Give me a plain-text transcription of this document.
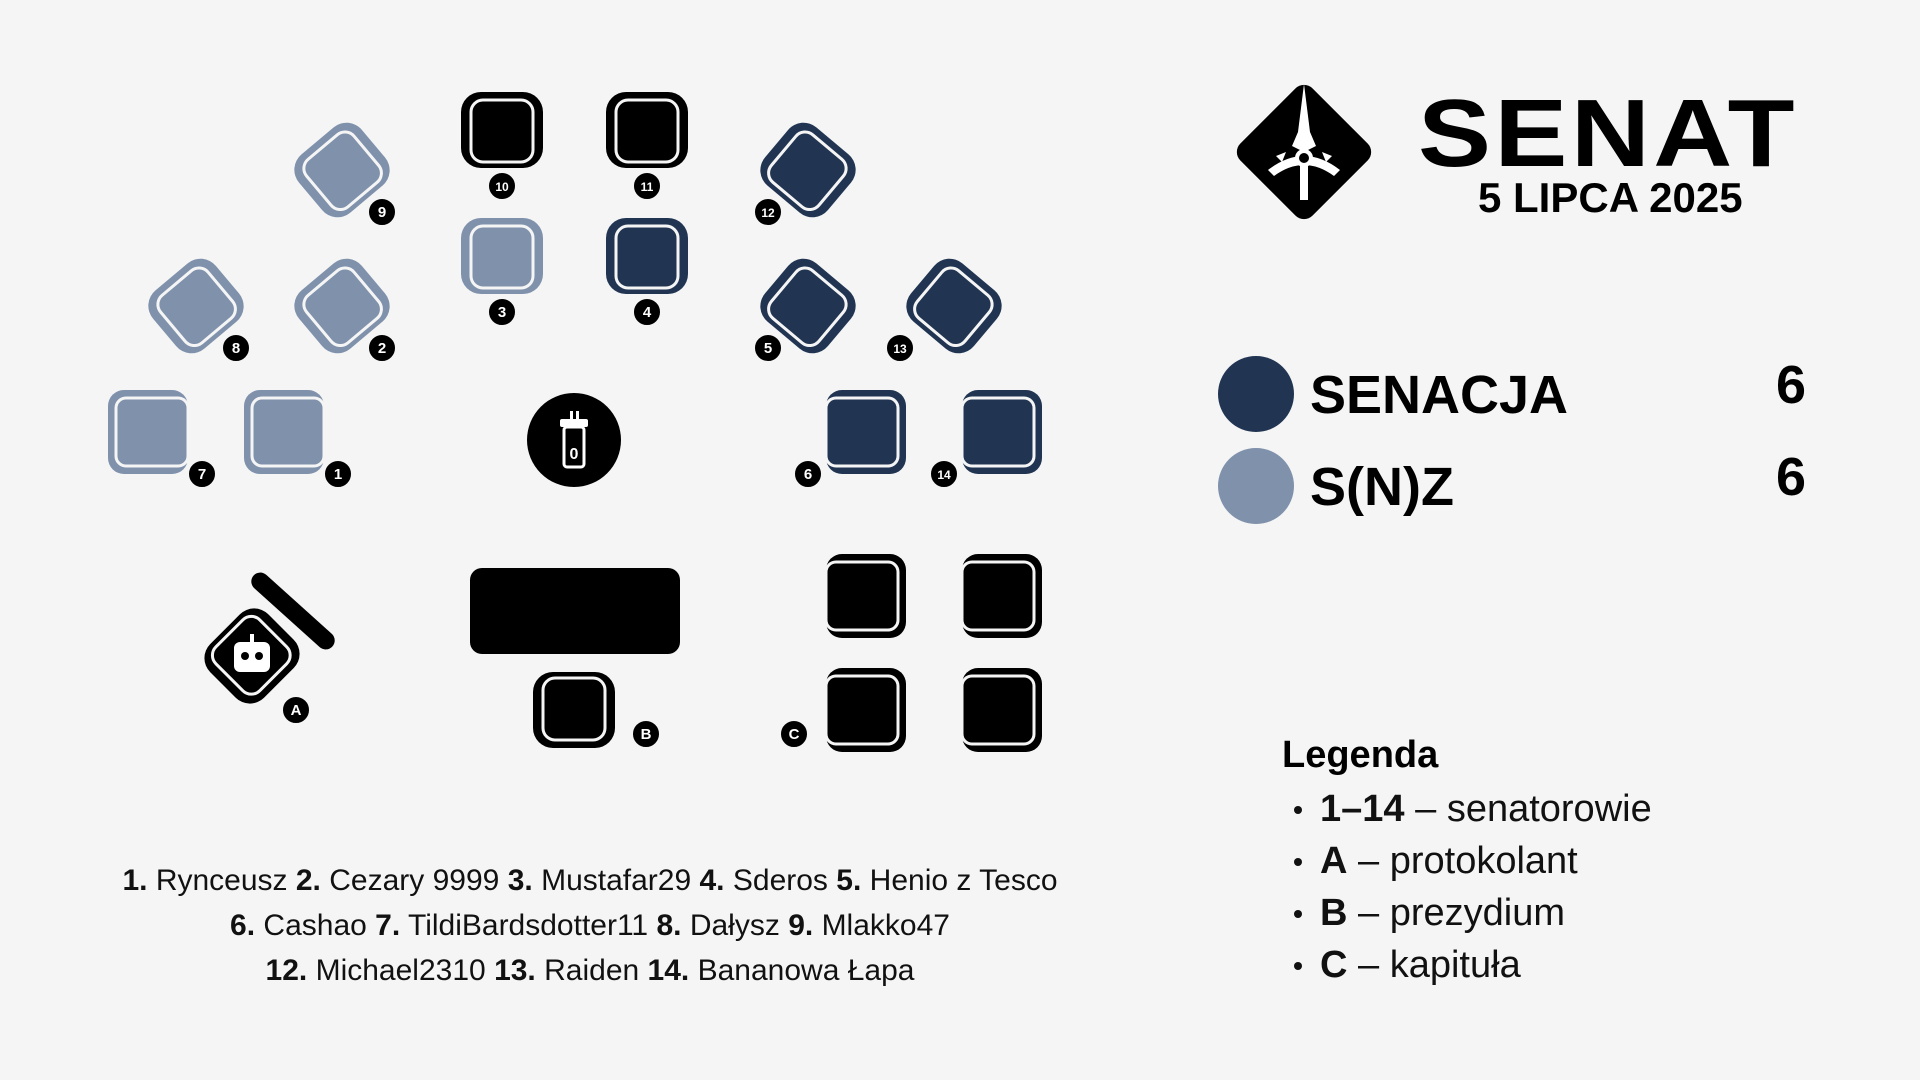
1
2
3	4
5
6
7
8
9
10	11
12
13
14
A
B	C
0
SENAT
5 LIPCA 2025
SENACJA	6
S(N)Z	6
Legenda
1–14 – senatorowie
A – protokolant
B – prezydium
C – kapituła
1. Rynceusz 2. Cezary 9999 3. Mustafar29 4. Sderos 5. Henio z Tesco
6. Cashao 7. TildiBardsdotter11 8. Dałysz 9. Mlakko47
12. Michael2310 13. Raiden 14. Bananowa Łapa
